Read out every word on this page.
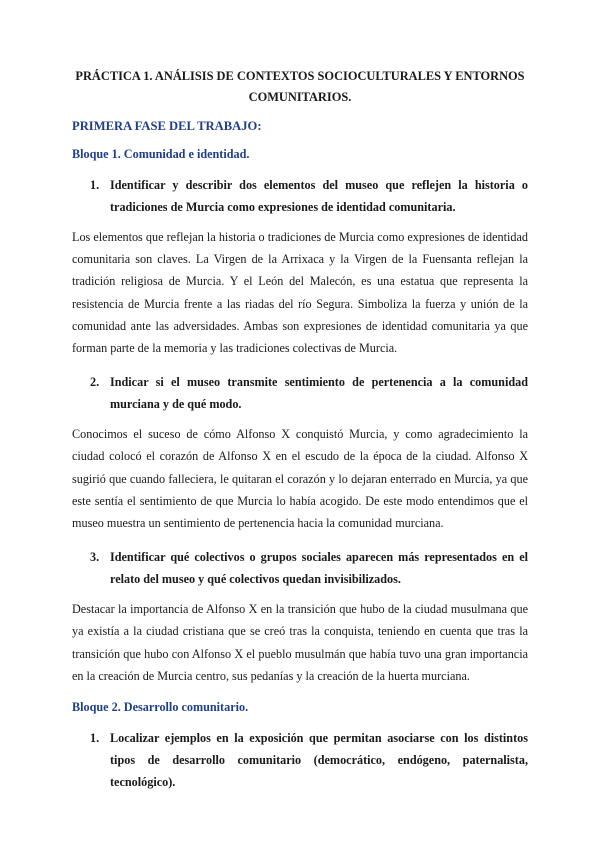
PRÁCTICA 1. ANÁLISIS DE CONTEXTOS SOCIOCULTURALES Y ENTORNOS COMUNITARIOS.
PRIMERA FASE DEL TRABAJO:
Bloque 1. Comunidad e identidad.
1. Identificar y describir dos elementos del museo que reflejen la historia o tradiciones de Murcia como expresiones de identidad comunitaria.

Los elementos que reflejan la historia o tradiciones de Murcia como expresiones de identidad comunitaria son claves. La Virgen de la Arrixaca y la Virgen de la Fuensanta reflejan la tradición religiosa de Murcia. Y el León del Malecón, es una estatua que representa la resistencia de Murcia frente a las riadas del río Segura. Simboliza la fuerza y unión de la comunidad ante las adversidades. Ambas son expresiones de identidad comunitaria ya que forman parte de la memoria y las tradiciones colectivas de Murcia.

2. Indicar si el museo transmite sentimiento de pertenencia a la comunidad murciana y de qué modo.

Conocimos el suceso de cómo Alfonso X conquistó Murcia, y como agradecimiento la ciudad colocó el corazón de Alfonso X en el escudo de la época de la ciudad. Alfonso X sugirió que cuando falleciera, le quitaran el corazón y lo dejaran enterrado en Murcia, ya que este sentía el sentimiento de que Murcia lo había acogido. De este modo entendimos que el museo muestra un sentimiento de pertenencia hacia la comunidad murciana.

3. Identificar qué colectivos o grupos sociales aparecen más representados en el relato del museo y qué colectivos quedan invisibilizados.

Destacar la importancia de Alfonso X en la transición que hubo de la ciudad musulmana que ya existía a la ciudad cristiana que se creó tras la conquista, teniendo en cuenta que tras la transición que hubo con Alfonso X el pueblo musulmán que había tuvo una gran importancia en la creación de Murcia centro, sus pedanías y la creación de la huerta murciana.

Bloque 2. Desarrollo comunitario.
1. Localizar ejemplos en la exposición que permitan asociarse con los distintos tipos de desarrollo comunitario (democrático, endógeno, paternalista, tecnológico).
